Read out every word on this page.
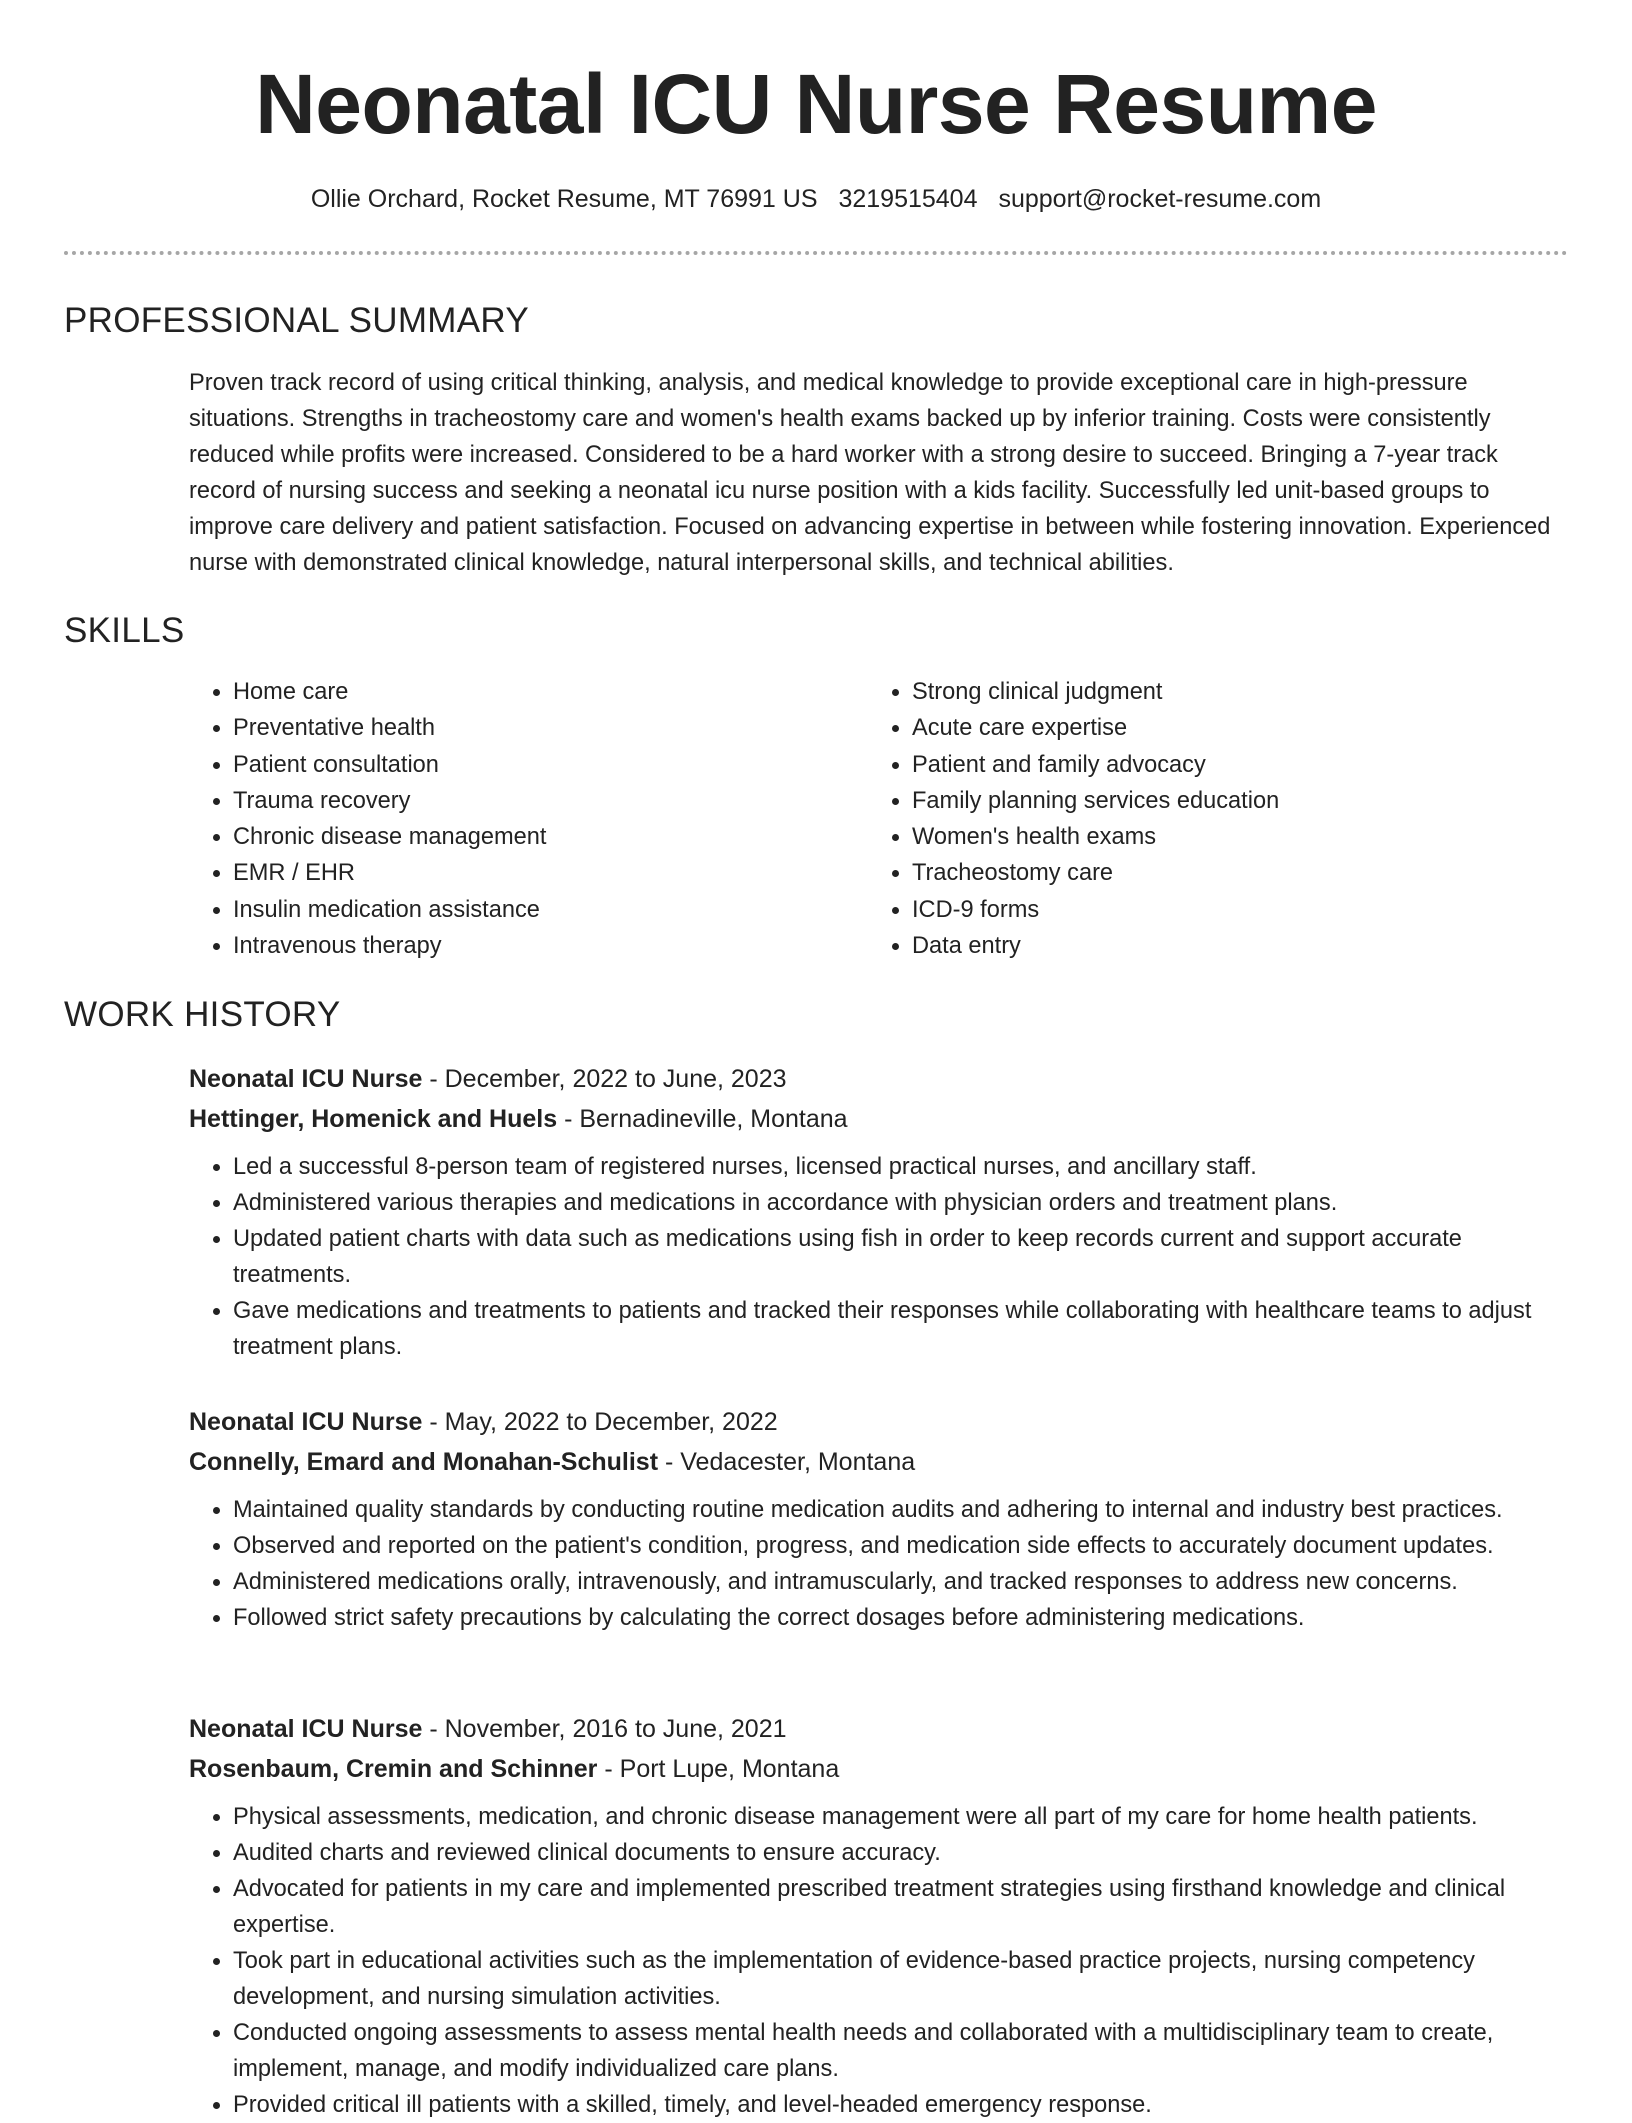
Neonatal ICU Nurse Resume
Ollie Orchard, Rocket Resume, MT 76991 US 3219515404 support@rocket-resume.com
PROFESSIONAL SUMMARY

Proven track record of using critical thinking, analysis, and medical knowledge to provide exceptional care in high-pressure situations. Strengths in tracheostomy care and women's health exams backed up by inferior training. Costs were consistently reduced while profits were increased. Considered to be a hard worker with a strong desire to succeed. Bringing a 7-year track record of nursing success and seeking a neonatal icu nurse position with a kids facility. Successfully led unit-based groups to improve care delivery and patient satisfaction. Focused on advancing expertise in between while fostering innovation. Experienced nurse with demonstrated clinical knowledge, natural interpersonal skills, and technical abilities.

SKILLS
• Home care
• Preventative health
• Patient consultation
• Trauma recovery
• Chronic disease management
• EMR / EHR
• Insulin medication assistance
• Intravenous therapy
• Strong clinical judgment
• Acute care expertise
• Patient and family advocacy
• Family planning services education
• Women's health exams
• Tracheostomy care
• ICD-9 forms
• Data entry
WORK HISTORY
Neonatal ICU Nurse - December, 2022 to June, 2023
Hettinger, Homenick and Huels - Bernadineville, Montana
• Led a successful 8-person team of registered nurses, licensed practical nurses, and ancillary staff.
• Administered various therapies and medications in accordance with physician orders and treatment plans.
• Updated patient charts with data such as medications using fish in order to keep records current and support accurate treatments.
• Gave medications and treatments to patients and tracked their responses while collaborating with healthcare teams to adjust treatment plans.
Neonatal ICU Nurse - May, 2022 to December, 2022
Connelly, Emard and Monahan-Schulist - Vedacester, Montana
• Maintained quality standards by conducting routine medication audits and adhering to internal and industry best practices.
• Observed and reported on the patient's condition, progress, and medication side effects to accurately document updates.
• Administered medications orally, intravenously, and intramuscularly, and tracked responses to address new concerns.
• Followed strict safety precautions by calculating the correct dosages before administering medications.
Neonatal ICU Nurse - November, 2016 to June, 2021
Rosenbaum, Cremin and Schinner - Port Lupe, Montana
• Physical assessments, medication, and chronic disease management were all part of my care for home health patients.
• Audited charts and reviewed clinical documents to ensure accuracy.
• Advocated for patients in my care and implemented prescribed treatment strategies using firsthand knowledge and clinical expertise.
• Took part in educational activities such as the implementation of evidence-based practice projects, nursing competency development, and nursing simulation activities.
• Conducted ongoing assessments to assess mental health needs and collaborated with a multidisciplinary team to create, implement, manage, and modify individualized care plans.
• Provided critical ill patients with a skilled, timely, and level-headed emergency response.
